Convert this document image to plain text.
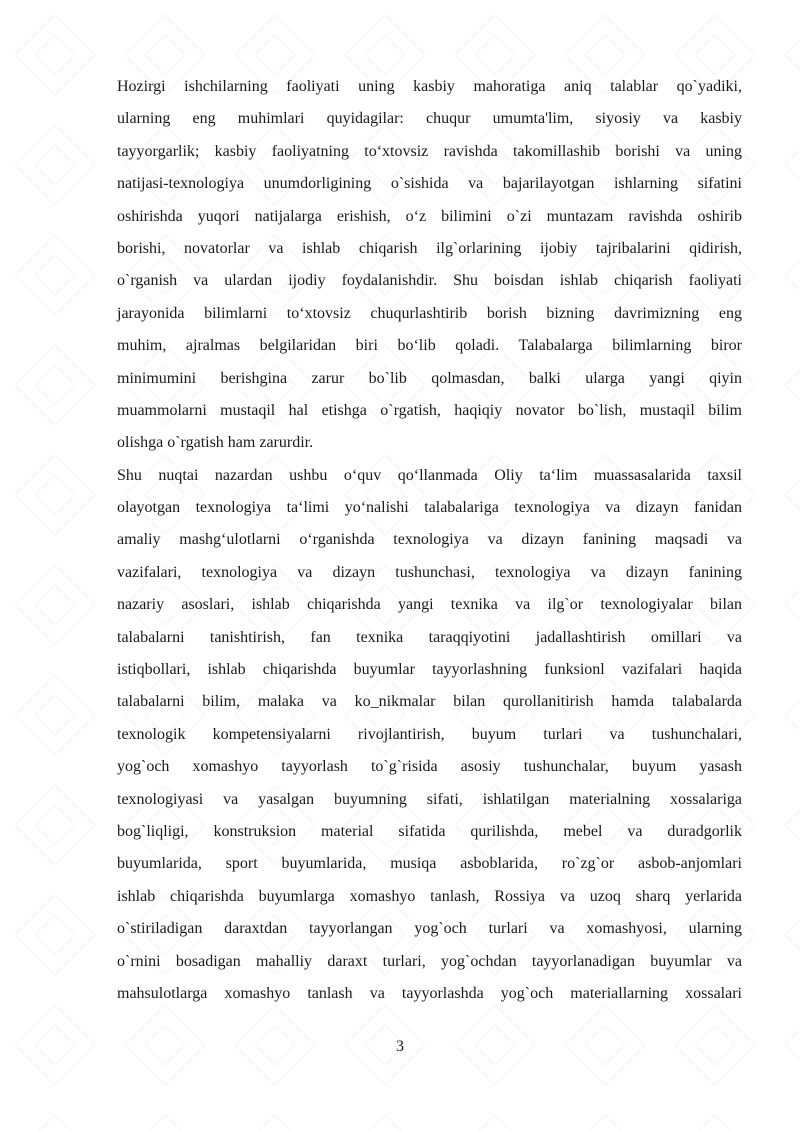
Hozirgi ishchilarning faoliyati uning kasbiy mahoratiga aniq talablar qo`yadiki,
ularning eng muhimlari quyidagilar: chuqur umumta'lim, siyosiy va kasbiy
tayyorgarlik; kasbiy faoliyatning to‘xtovsiz ravishda takomillashib borishi va uning
natijasi-texnologiya unumdorligining o`sishida va bajarilayotgan ishlarning sifatini
oshirishda yuqori natijalarga erishish, o‘z bilimini o`zi muntazam ravishda oshirib
borishi, novatorlar va ishlab chiqarish ilg`orlarining ijobiy tajribalarini qidirish,
o`rganish va ulardan ijodiy foydalanishdir. Shu boisdan ishlab chiqarish faoliyati
jarayonida bilimlarni to‘xtovsiz chuqurlashtirib borish bizning davrimizning eng
muhim, ajralmas belgilaridan biri bo‘lib qoladi. Talabalarga bilimlarning biror
minimumini berishgina zarur bo`lib qolmasdan, balki ularga yangi qiyin
muammolarni mustaqil hal etishga o`rgatish, haqiqiy novator bo`lish, mustaqil bilim
olishga o`rgatish ham zarurdir.
Shu nuqtai nazardan ushbu o‘quv qo‘llanmada Oliy ta‘lim muassasalarida taxsil
olayotgan texnologiya ta‘limi yo‘nalishi talabalariga texnologiya va dizayn fanidan
amaliy mashg‘ulotlarni o‘rganishda texnologiya va dizayn fanining maqsadi va
vazifalari, texnologiya va dizayn tushunchasi, texnologiya va dizayn fanining
nazariy asoslari, ishlab chiqarishda yangi texnika va ilg`or texnologiyalar bilan
talabalarni tanishtirish, fan texnika taraqqiyotini jadallashtirish omillari va
istiqbollari, ishlab chiqarishda buyumlar tayyorlashning funksionl vazifalari haqida
talabalarni bilim, malaka va ko_nikmalar bilan qurollanitirish hamda talabalarda
texnologik kompetensiyalarni rivojlantirish, buyum turlari va tushunchalari,
yog`och xomashyo tayyorlash to`g`risida asosiy tushunchalar, buyum yasash
texnologiyasi va yasalgan buyumning sifati, ishlatilgan materialning xossalariga
bog`liqligi, konstruksion material sifatida qurilishda, mebel va duradgorlik
buyumlarida, sport buyumlarida, musiqa asboblarida, ro`zg`or asbob-anjomlari
ishlab chiqarishda buyumlarga xomashyo tanlash, Rossiya va uzoq sharq yerlarida
o`stiriladigan daraxtdan tayyorlangan yog`och turlari va xomashyosi, ularning
o`rnini bosadigan mahalliy daraxt turlari, yog`ochdan tayyorlanadigan buyumlar va
mahsulotlarga xomashyo tanlash va tayyorlashda yog`och materiallarning xossalari
3
